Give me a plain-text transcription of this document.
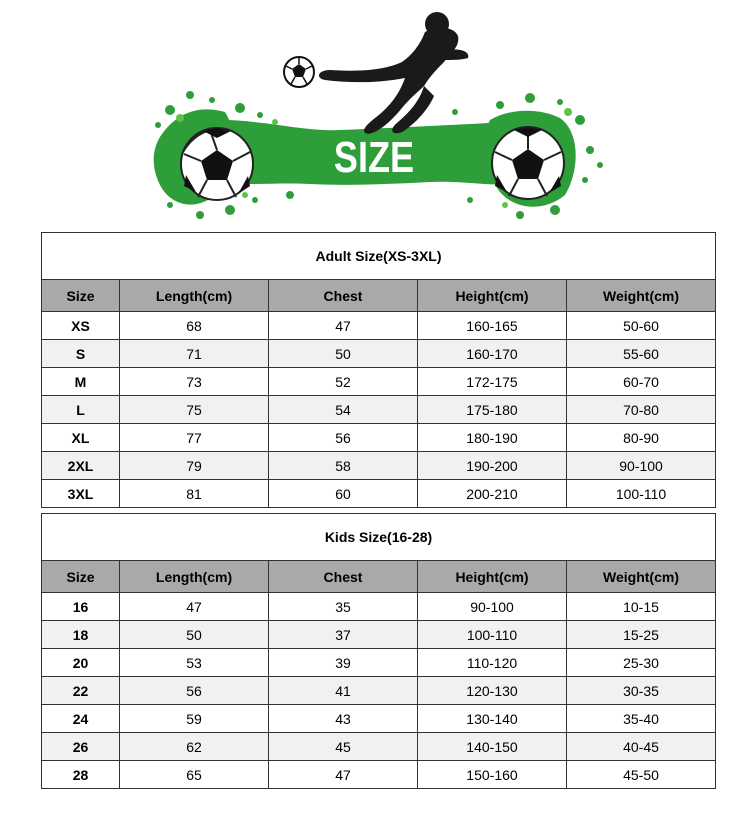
SIZE
Adult Size(XS-3XL)				
Size	Length(cm)	Chest	Height(cm)	Weight(cm)
XS	68	47	160-165	50-60
S	71	50	160-170	55-60
M	73	52	172-175	60-70
L	75	54	175-180	70-80
XL	77	56	180-190	80-90
2XL	79	58	190-200	90-100
3XL	81	60	200-210	100-110
Kids Size(16-28)				
Size	Length(cm)	Chest	Height(cm)	Weight(cm)
16	47	35	90-100	10-15
18	50	37	100-110	15-25
20	53	39	110-120	25-30
22	56	41	120-130	30-35
24	59	43	130-140	35-40
26	62	45	140-150	40-45
28	65	47	150-160	45-50
